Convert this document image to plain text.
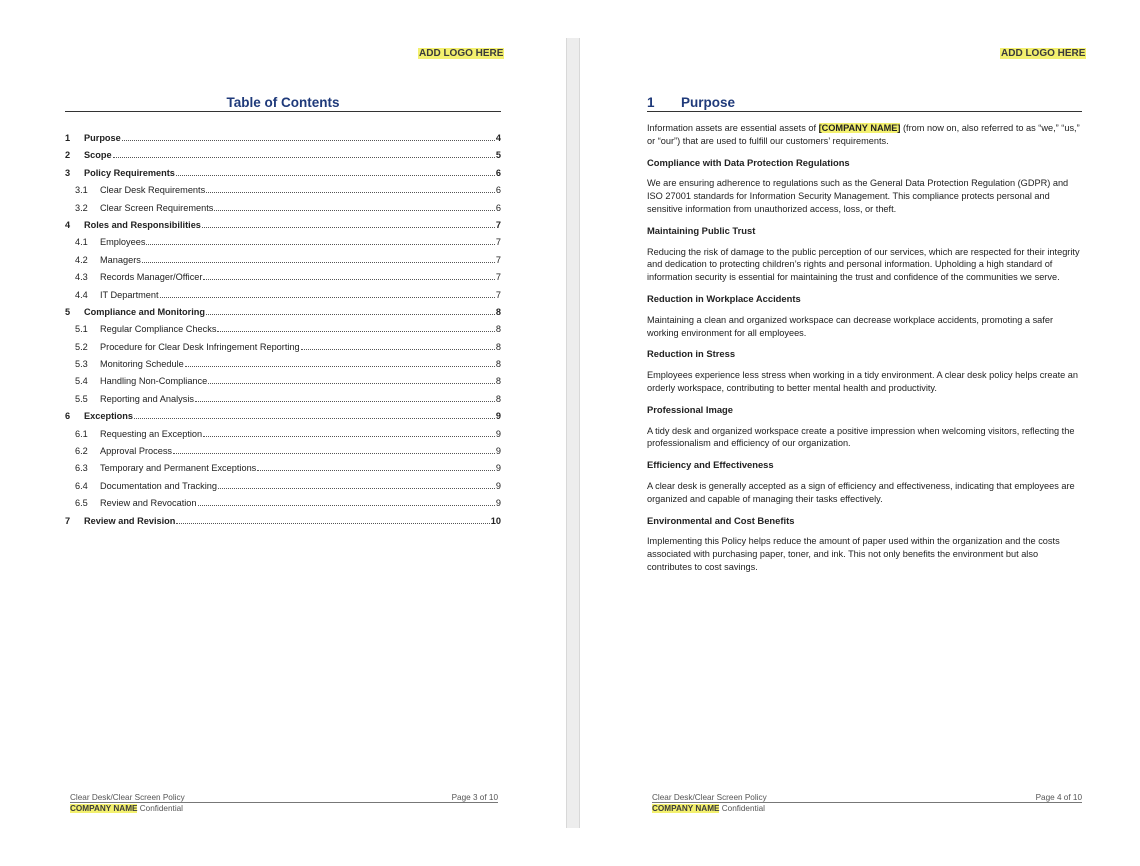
ADD LOGO HERE
Table of Contents
1	Purpose	4
2	Scope	5
3	Policy Requirements	6
3.1	Clear Desk Requirements	6
3.2	Clear Screen Requirements	6
4	Roles and Responsibilities	7
4.1	Employees	7
4.2	Managers	7
4.3	Records Manager/Officer	7
4.4	IT Department	7
5	Compliance and Monitoring	8
5.1	Regular Compliance Checks	8
5.2	Procedure for Clear Desk Infringement Reporting	8
5.3	Monitoring Schedule	8
5.4	Handling Non-Compliance	8
5.5	Reporting and Analysis	8
6	Exceptions	9
6.1	Requesting an Exception	9
6.2	Approval Process	9
6.3	Temporary and Permanent Exceptions	9
6.4	Documentation and Tracking	9
6.5	Review and Revocation	9
7	Review and Revision	10
Clear Desk/Clear Screen Policy	Page 3 of 10
COMPANY NAME Confidential
ADD LOGO HERE
1 Purpose

Information assets are essential assets of [COMPANY NAME] (from now on, also referred to as “we,” “us,” or “our”) that are used to fulfill our customers’ requirements.

Compliance with Data Protection Regulations

We are ensuring adherence to regulations such as the General Data Protection Regulation (GDPR) and ISO 27001 standards for Information Security Management. This compliance protects personal and sensitive information from unauthorized access, loss, or theft.

Maintaining Public Trust

Reducing the risk of damage to the public perception of our services, which are respected for their integrity and dedication to protecting children’s rights and personal information. Upholding a high standard of information security is essential for maintaining the trust and confidence of the communities we serve.

Reduction in Workplace Accidents

Maintaining a clean and organized workspace can decrease workplace accidents, promoting a safer working environment for all employees.

Reduction in Stress

Employees experience less stress when working in a tidy environment. A clear desk policy helps create an orderly workspace, contributing to better mental health and productivity.

Professional Image

A tidy desk and organized workspace create a positive impression when welcoming visitors, reflecting the professionalism and efficiency of our organization.

Efficiency and Effectiveness

A clear desk is generally accepted as a sign of efficiency and effectiveness, indicating that employees are organized and capable of managing their tasks effectively.

Environmental and Cost Benefits

Implementing this Policy helps reduce the amount of paper used within the organization and the costs associated with purchasing paper, toner, and ink. This not only benefits the environment but also contributes to cost savings.

Clear Desk/Clear Screen Policy	Page 4 of 10
COMPANY NAME Confidential
